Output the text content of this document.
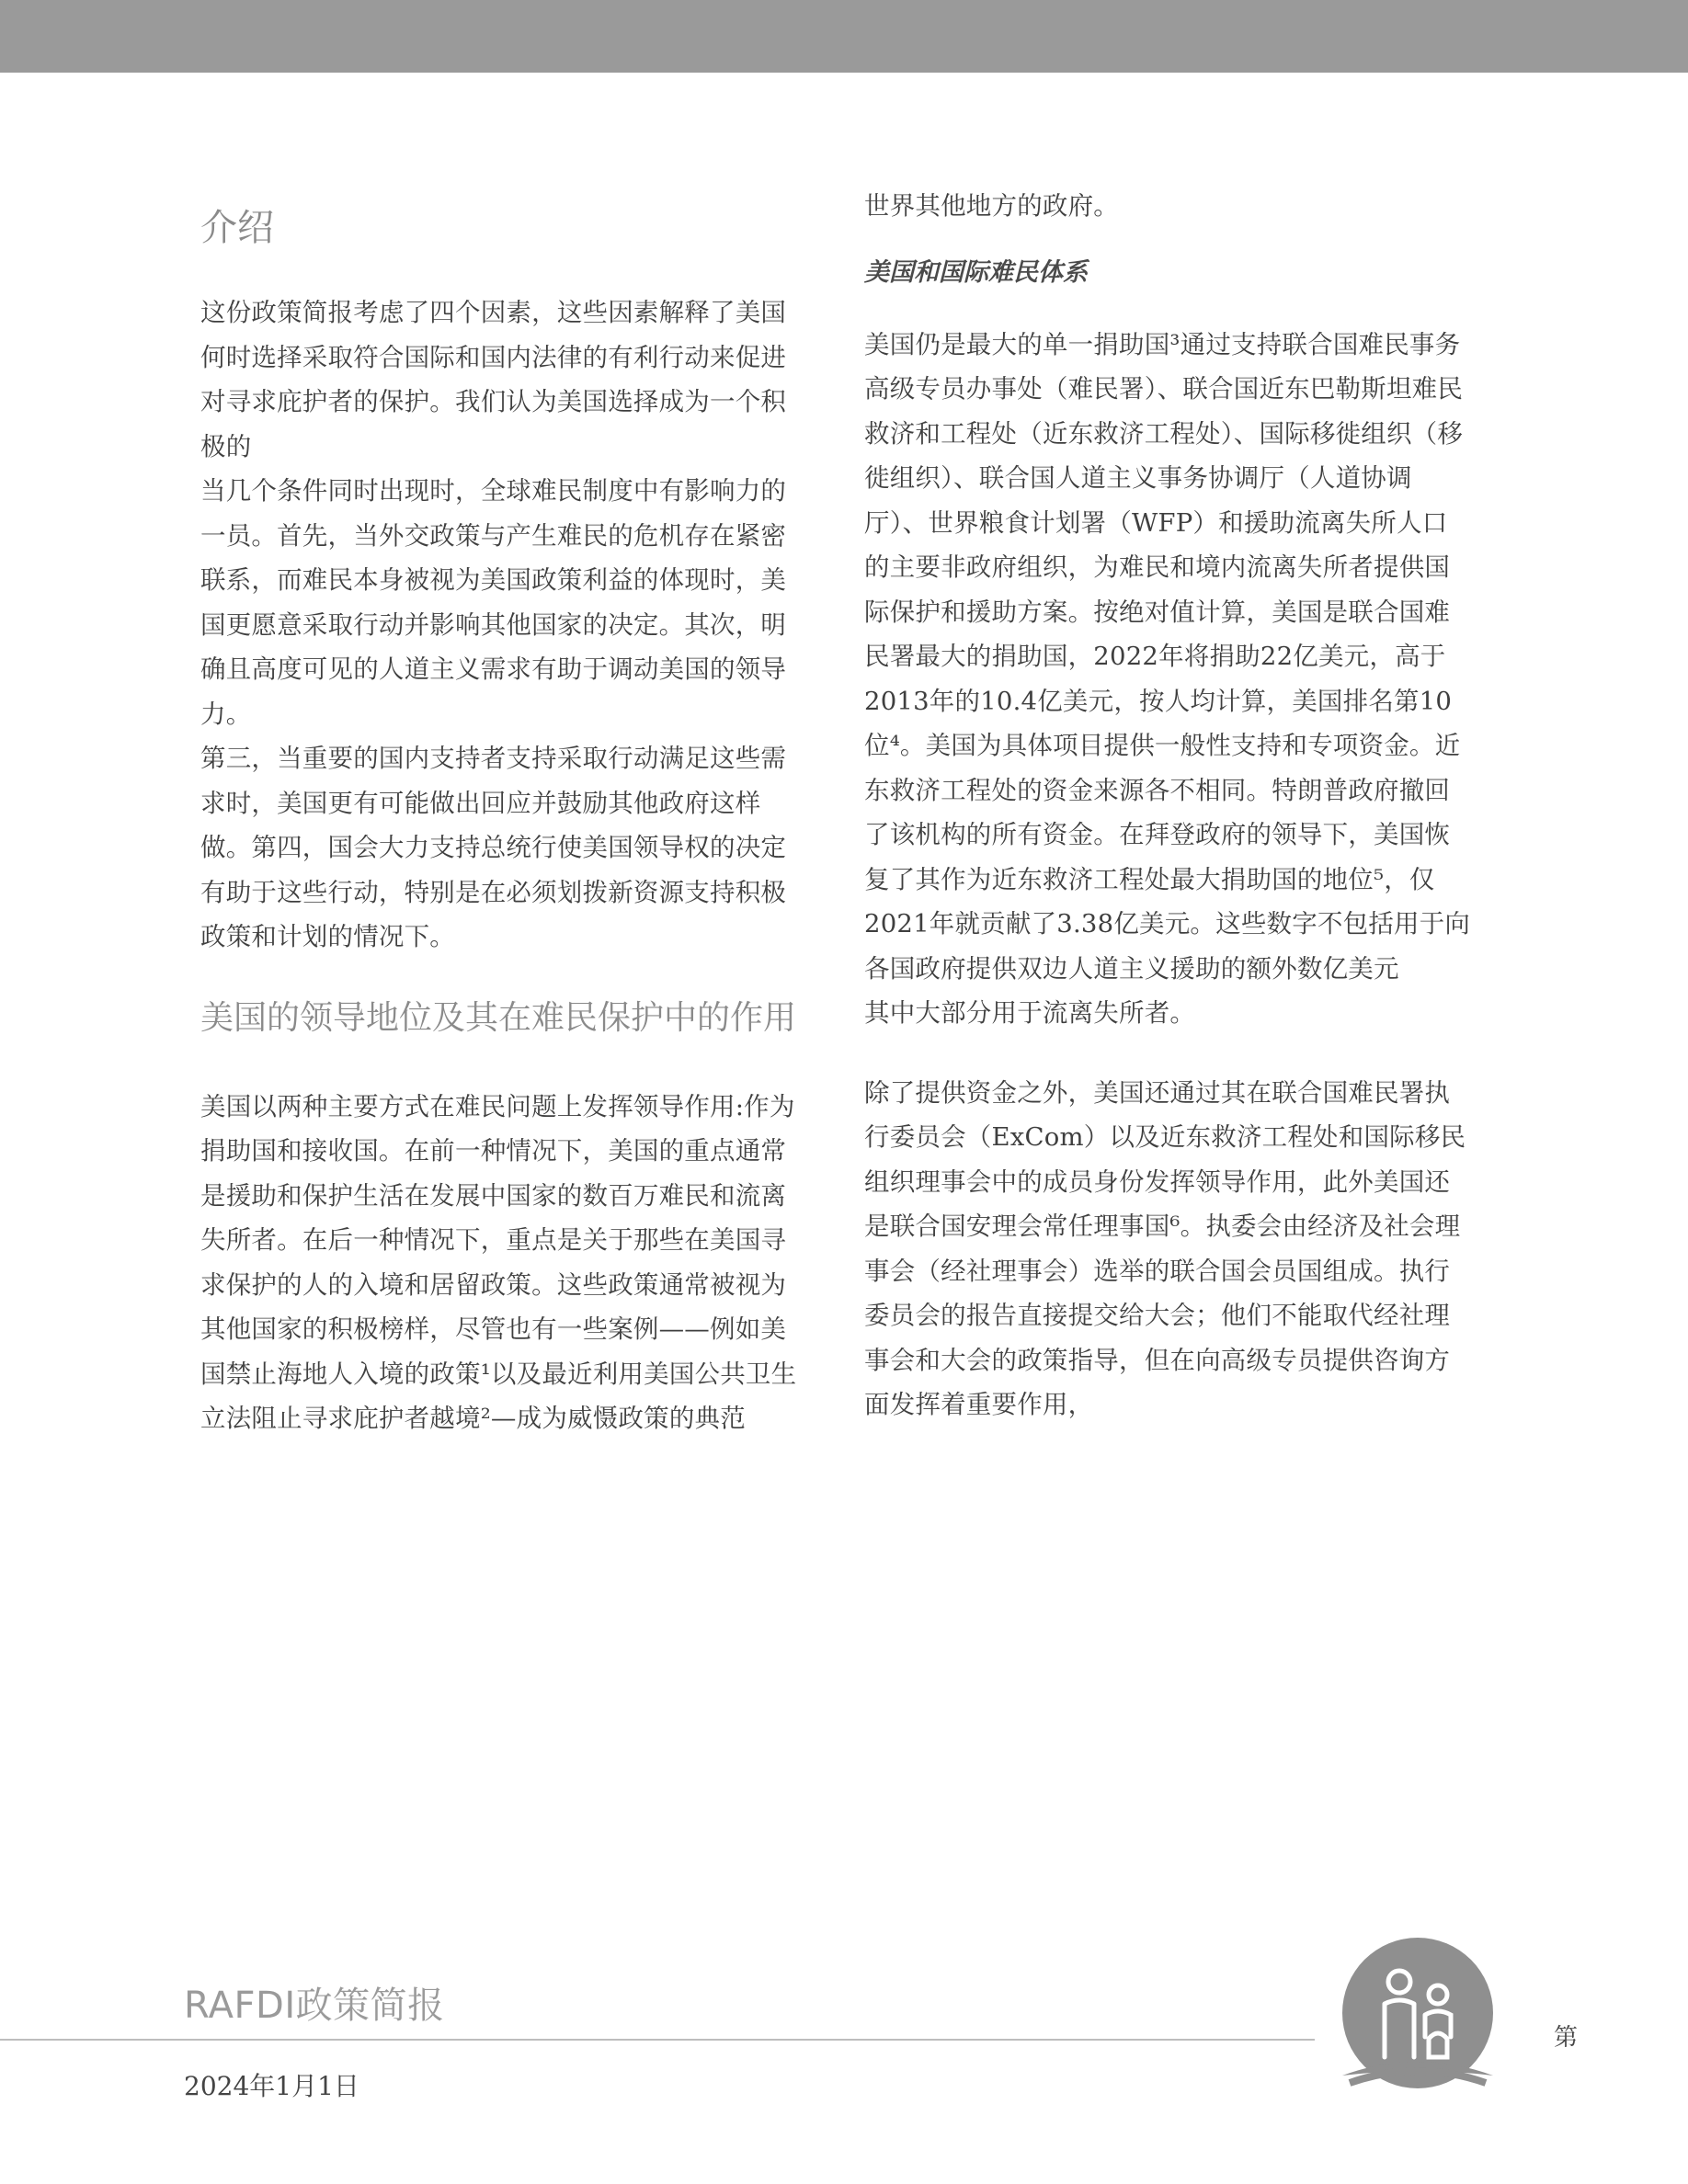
介绍

这份政策简报考虑了四个因素，这些因素解释了美国何时选择采取符合国际和国内法律的有利行动来促进对寻求庇护者的保护。我们认为美国选择成为一个积极的

当几个条件同时出现时，全球难民制度中有影响力的一员。首先，当外交政策与产生难民的危机存在紧密联系，而难民本身被视为美国政策利益的体现时，美国更愿意采取行动并影响其他国家的决定。其次，明确且高度可见的人道主义需求有助于调动美国的领导力。

第三，当重要的国内支持者支持采取行动满足这些需求时，美国更有可能做出回应并鼓励其他政府这样做。第四，国会大力支持总统行使美国领导权的决定有助于这些行动，特别是在必须划拨新资源支持积极政策和计划的情况下。

美国的领导地位及其在难民保护中的作用

美国以两种主要方式在难民问题上发挥领导作用:作为捐助国和接收国。在前一种情况下，美国的重点通常是援助和保护生活在发展中国家的数百万难民和流离失所者。在后一种情况下，重点是关于那些在美国寻求保护的人的入境和居留政策。这些政策通常被视为其他国家的积极榜样，尽管也有一些案例——例如美国禁止海地人入境的政策¹以及最近利用美国公共卫生立法阻止寻求庇护者越境²—成为威慑政策的典范

世界其他地方的政府。

美国和国际难民体系

美国仍是最大的单一捐助国³通过支持联合国难民事务高级专员办事处（难民署）、联合国近东巴勒斯坦难民救济和工程处（近东救济工程处）、国际移徙组织（移徙组织）、联合国人道主义事务协调厅（人道协调厅）、世界粮食计划署（WFP）和援助流离失所人口的主要非政府组织，为难民和境内流离失所者提供国际保护和援助方案。按绝对值计算，美国是联合国难民署最大的捐助国，2022年将捐助22亿美元，高于2013年的10.4亿美元，按人均计算，美国排名第10位⁴。美国为具体项目提供一般性支持和专项资金。近东救济工程处的资金来源各不相同。特朗普政府撤回了该机构的所有资金。在拜登政府的领导下，美国恢复了其作为近东救济工程处最大捐助国的地位⁵，仅2021年就贡献了3.38亿美元。这些数字不包括用于向各国政府提供双边人道主义援助的额外数亿美元

其中大部分用于流离失所者。

除了提供资金之外，美国还通过其在联合国难民署执行委员会（ExCom）以及近东救济工程处和国际移民组织理事会中的成员身份发挥领导作用，此外美国还是联合国安理会常任理事国⁶。执委会由经济及社会理事会（经社理事会）选举的联合国会员国组成。执行委员会的报告直接提交给大会；他们不能取代经社理事会和大会的政策指导，但在向高级专员提供咨询方面发挥着重要作用，

RAFDI政策简报
2024年1月1日
第
